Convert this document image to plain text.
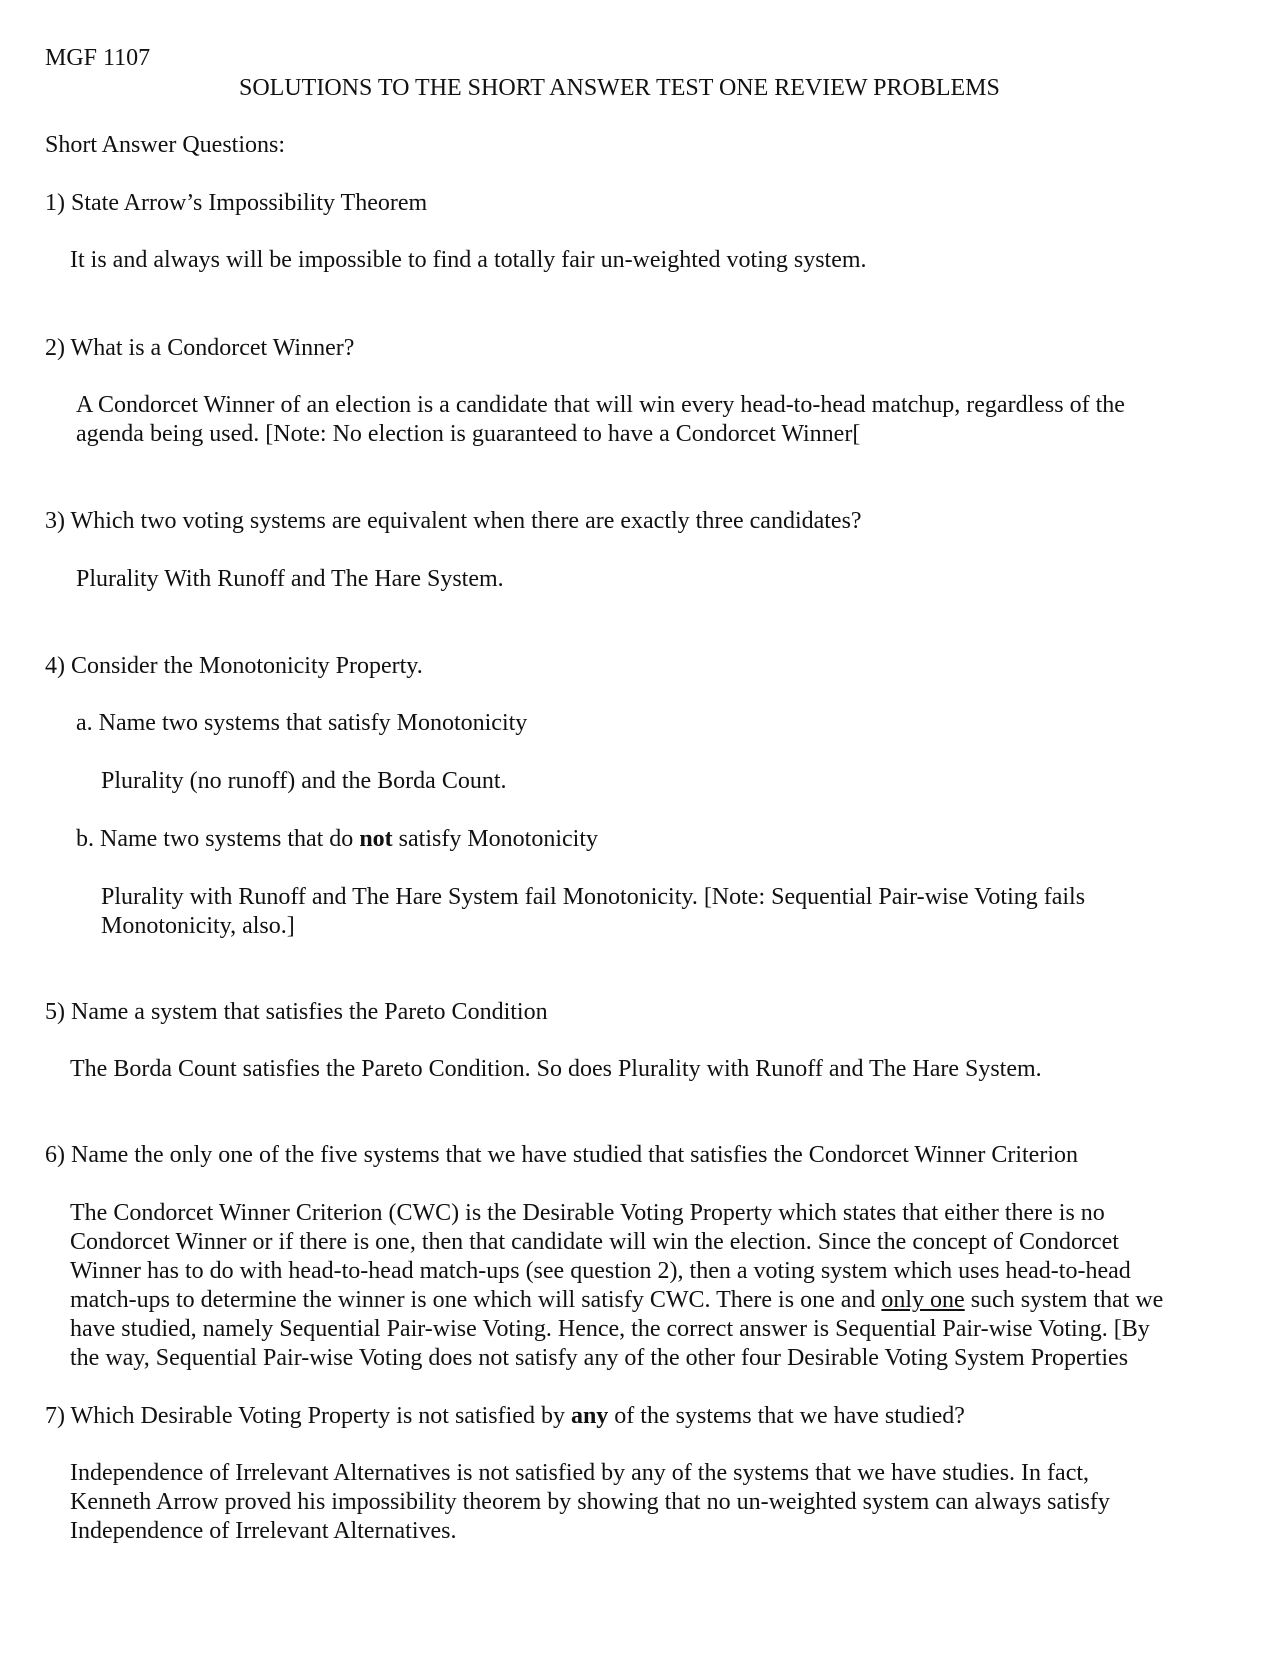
MGF 1107
SOLUTIONS TO THE SHORT ANSWER TEST ONE REVIEW PROBLEMS
Short Answer Questions:
1) State Arrow’s Impossibility Theorem
It is and always will be impossible to find a totally fair un-weighted voting system.
2) What is a Condorcet Winner?
A Condorcet Winner of an election is a candidate that will win every head-to-head matchup, regardless of the
agenda being used. [Note: No election is guaranteed to have a Condorcet Winner[
3) Which two voting systems are equivalent when there are exactly three candidates?
Plurality With Runoff and The Hare System.
4) Consider the Monotonicity Property.
a. Name two systems that satisfy Monotonicity
Plurality (no runoff) and the Borda Count.
b. Name two systems that do not satisfy Monotonicity
Plurality with Runoff and The Hare System fail Monotonicity. [Note: Sequential Pair-wise Voting fails
Monotonicity, also.]
5) Name a system that satisfies the Pareto Condition
The Borda Count satisfies the Pareto Condition. So does Plurality with Runoff and The Hare System.
6) Name the only one of the five systems that we have studied that satisfies the Condorcet Winner Criterion
The Condorcet Winner Criterion (CWC) is the Desirable Voting Property which states that either there is no
Condorcet Winner or if there is one, then that candidate will win the election. Since the concept of Condorcet
Winner has to do with head-to-head match-ups (see question 2), then a voting system which uses head-to-head
match-ups to determine the winner is one which will satisfy CWC. There is one and only one such system that we
have studied, namely Sequential Pair-wise Voting. Hence, the correct answer is Sequential Pair-wise Voting. [By
the way, Sequential Pair-wise Voting does not satisfy any of the other four Desirable Voting System Properties
7) Which Desirable Voting Property is not satisfied by any of the systems that we have studied?
Independence of Irrelevant Alternatives is not satisfied by any of the systems that we have studies. In fact,
Kenneth Arrow proved his impossibility theorem by showing that no un-weighted system can always satisfy
Independence of Irrelevant Alternatives.
